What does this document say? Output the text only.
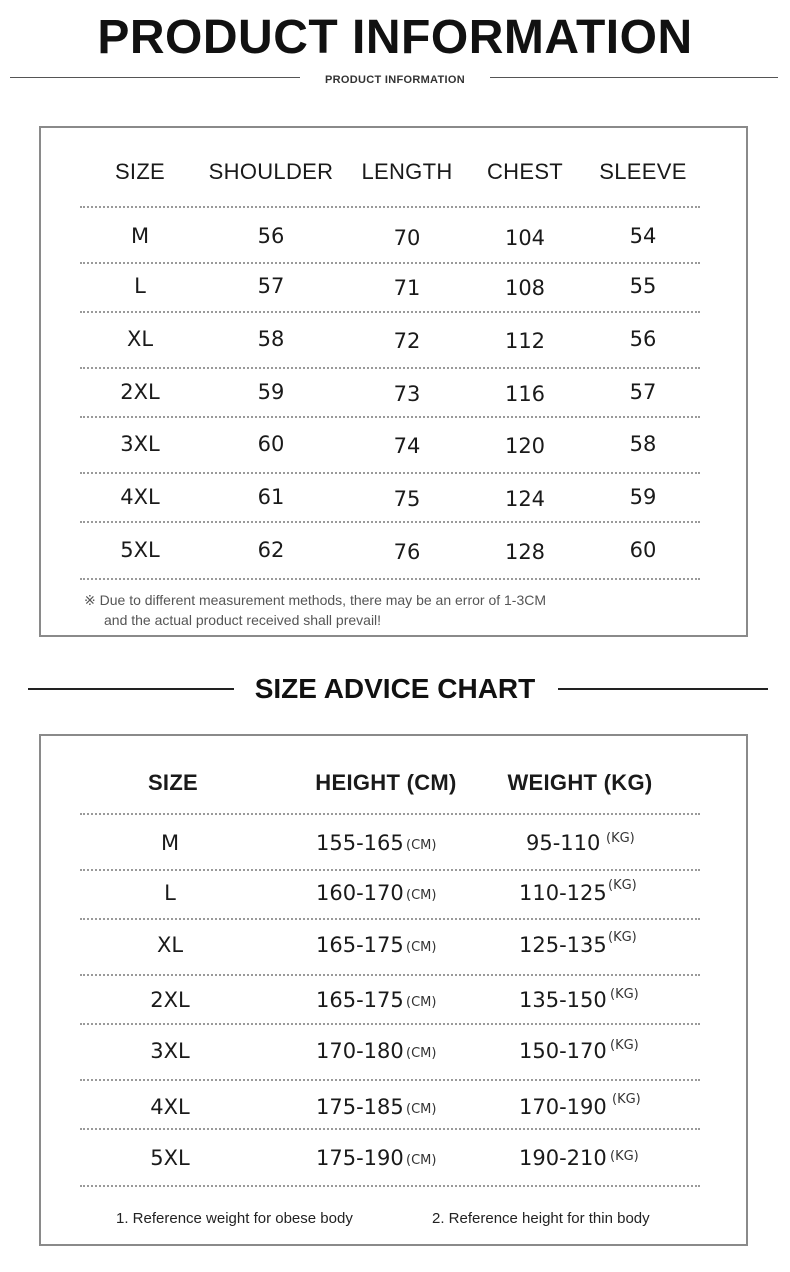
PRODUCT INFORMATION
PRODUCT INFORMATION
SIZE	SHOULDER	LENGTH	CHEST	SLEEVE
M	56	70	104	54
L	57	71	108	55
XL	58	72	112	56
2XL	59	73	116	57
3XL	60	74	120	58
4XL	61	75	124	59
5XL	62	76	128	60
※ Due to different measurement methods, there may be an error of 1-3CM
and the actual product received shall prevail!
SIZE ADVICE CHART
SIZE	HEIGHT (CM)	WEIGHT (KG)
M	155-165 (CM)	95-110 (KG)
L	160-170 (CM)	110-125 (KG)
XL	165-175 (CM)	125-135 (KG)
2XL	165-175 (CM)	135-150 (KG)
3XL	170-180 (CM)	150-170 (KG)
4XL	175-185 (CM)	170-190 (KG)
5XL	175-190 (CM)	190-210 (KG)
1. Reference weight for obese body	2. Reference height for thin body
